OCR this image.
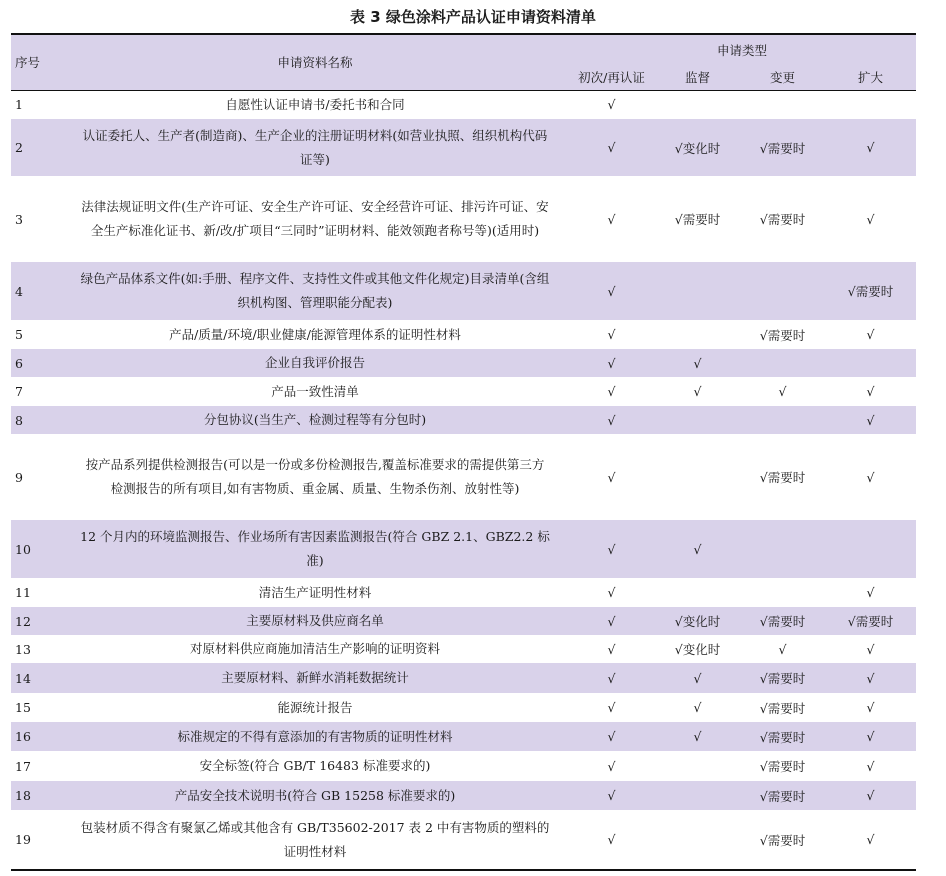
表 3 绿色涂料产品认证申请资料清单
序号	申请资料名称	申请类型			
		初次/再认证	监督	变更	扩大
1	自愿性认证申请书/委托书和合同	√			
2	认证委托人、生产者(制造商)、生产企业的注册证明材料(如营业执照、组织机构代码证等)	√	√变化时	√需要时	√
3	法律法规证明文件(生产许可证、安全生产许可证、安全经营许可证、排污许可证、安全生产标准化证书、新/改/扩项目“三同时”证明材料、能效领跑者称号等)(适用时)	√	√需要时	√需要时	√
4	绿色产品体系文件(如:手册、程序文件、支持性文件或其他文件化规定)目录清单(含组织机构图、管理职能分配表)	√			√需要时
5	产品/质量/环境/职业健康/能源管理体系的证明性材料	√		√需要时	√
6	企业自我评价报告	√	√		
7	产品一致性清单	√	√	√	√
8	分包协议(当生产、检测过程等有分包时)	√			√
9	按产品系列提供检测报告(可以是一份或多份检测报告,覆盖标准要求的需提供第三方检测报告的所有项目,如有害物质、重金属、质量、生物杀伤剂、放射性等)	√		√需要时	√
10	12 个月内的环境监测报告、作业场所有害因素监测报告(符合 GBZ 2.1、GBZ2.2 标准)	√	√		
11	清洁生产证明性材料	√			√
12	主要原材料及供应商名单	√	√变化时	√需要时	√需要时
13	对原材料供应商施加清洁生产影响的证明资料	√	√变化时	√	√
14	主要原材料、新鲜水消耗数据统计	√	√	√需要时	√
15	能源统计报告	√	√	√需要时	√
16	标准规定的不得有意添加的有害物质的证明性材料	√	√	√需要时	√
17	安全标签(符合 GB/T 16483 标准要求的)	√		√需要时	√
18	产品安全技术说明书(符合 GB 15258 标准要求的)	√		√需要时	√
19	包装材质不得含有聚氯乙烯或其他含有 GB/T35602-2017 表 2 中有害物质的塑料的证明性材料	√		√需要时	√
